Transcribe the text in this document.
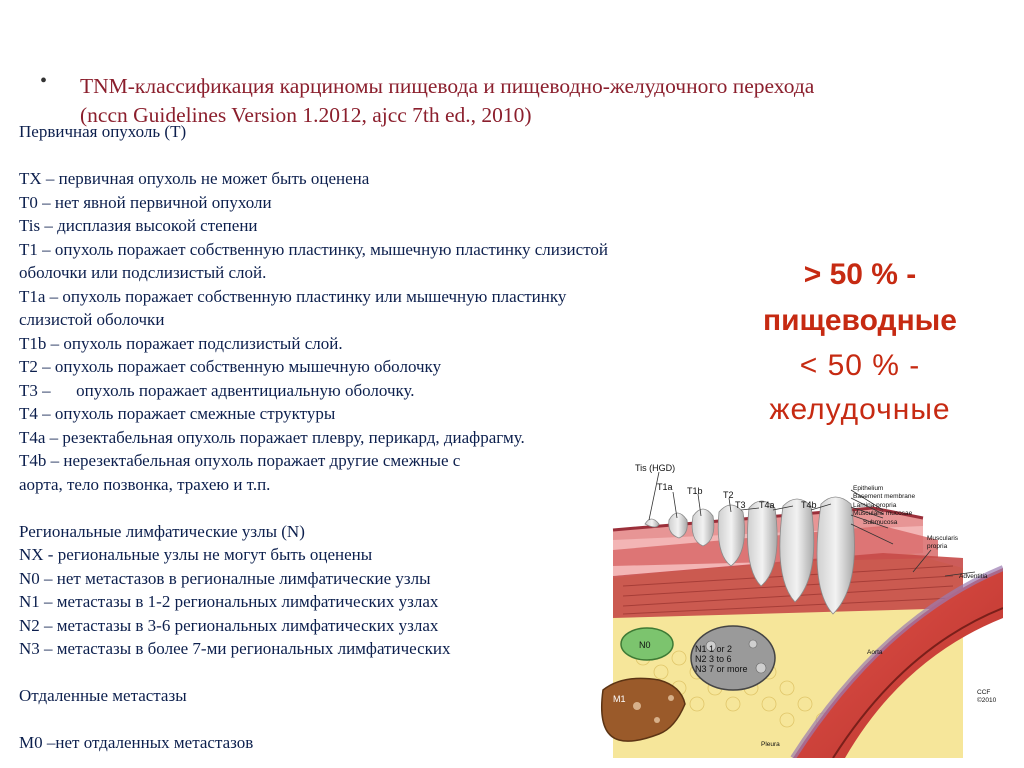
• TNM-классификация карциномы пищевода и пищеводно-желудочного перехода
(nccn Guidelines Version 1.2012, ajcc 7th ed., 2010)
Первичная опухоль (T)
TX – первичная опухоль не может быть оценена
T0 – нет явной первичной опухоли
Tis – дисплазия высокой степени
T1 – опухоль поражает собственную пластинку, мышечную пластинку слизистой
оболочки или подслизистый слой.
T1a – опухоль поражает собственную пластинку или мышечную пластинку
слизистой оболочки
T1b – опухоль поражает подслизистый слой.
T2 – опухоль поражает собственную мышечную оболочку
T3 –      опухоль поражает адвентициальную оболочку.
T4 – опухоль поражает смежные структуры
T4a – резектабельная опухоль поражает плевру, перикард, диафрагму.
T4b – нерезектабельная опухоль поражает другие смежные с
аорта, тело позвонка, трахею и т.п.
Региональные лимфатические узлы (N)
NX - региональные узлы не могут быть оценены
N0 – нет метастазов в регионалные лимфатические узлы
N1 – метастазы в 1-2 региональных лимфатических узлах
N2 – метастазы в 3-6 региональных лимфатических узлах
N3 – метастазы в более 7-ми региональных лимфатических
Отдаленные метастазы
M0 –нет отдаленных метастазов
> 50 % -
пищеводные
< 50 % -
желудочные
Tis (HGD)
T1a T1b T2
T3 T4a	T4b
Epithelium
Basement membrane
Lamina propria
Muscularis mucosae
Submucosa
Muscularis
propria
Adventitia
Aorta
Pleura
CCF
©2010
N0	N1 1 or 2
N2 3 to 6
N3 7 or more
M1
